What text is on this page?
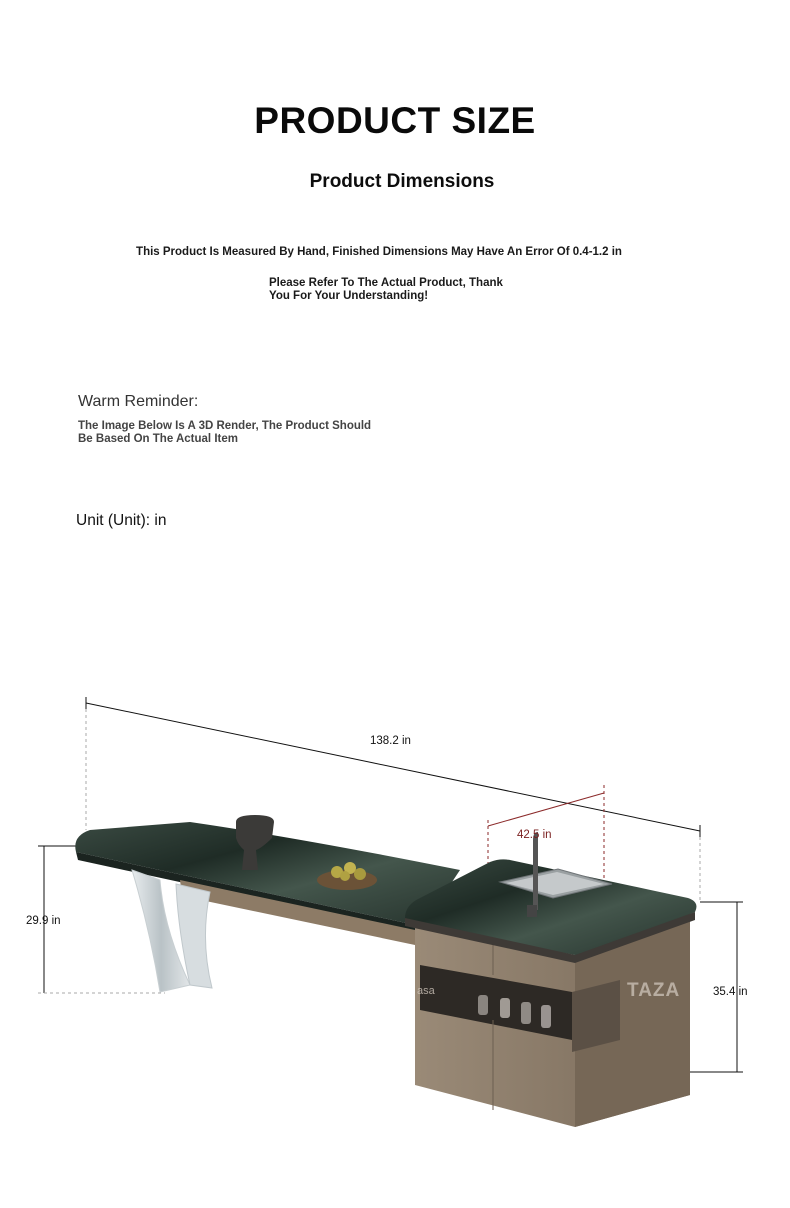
PRODUCT SIZE
Product Dimensions
This Product Is Measured By Hand, Finished Dimensions May Have An Error Of 0.4-1.2 in
Please Refer To The Actual Product, Thank
You For Your Understanding!
Warm Reminder:
The Image Below Is A 3D Render, The Product Should
Be Based On The Actual Item
Unit (Unit): in
138.2 in
42.5 in
29.9 in
35.4 in
TAZA
asa
